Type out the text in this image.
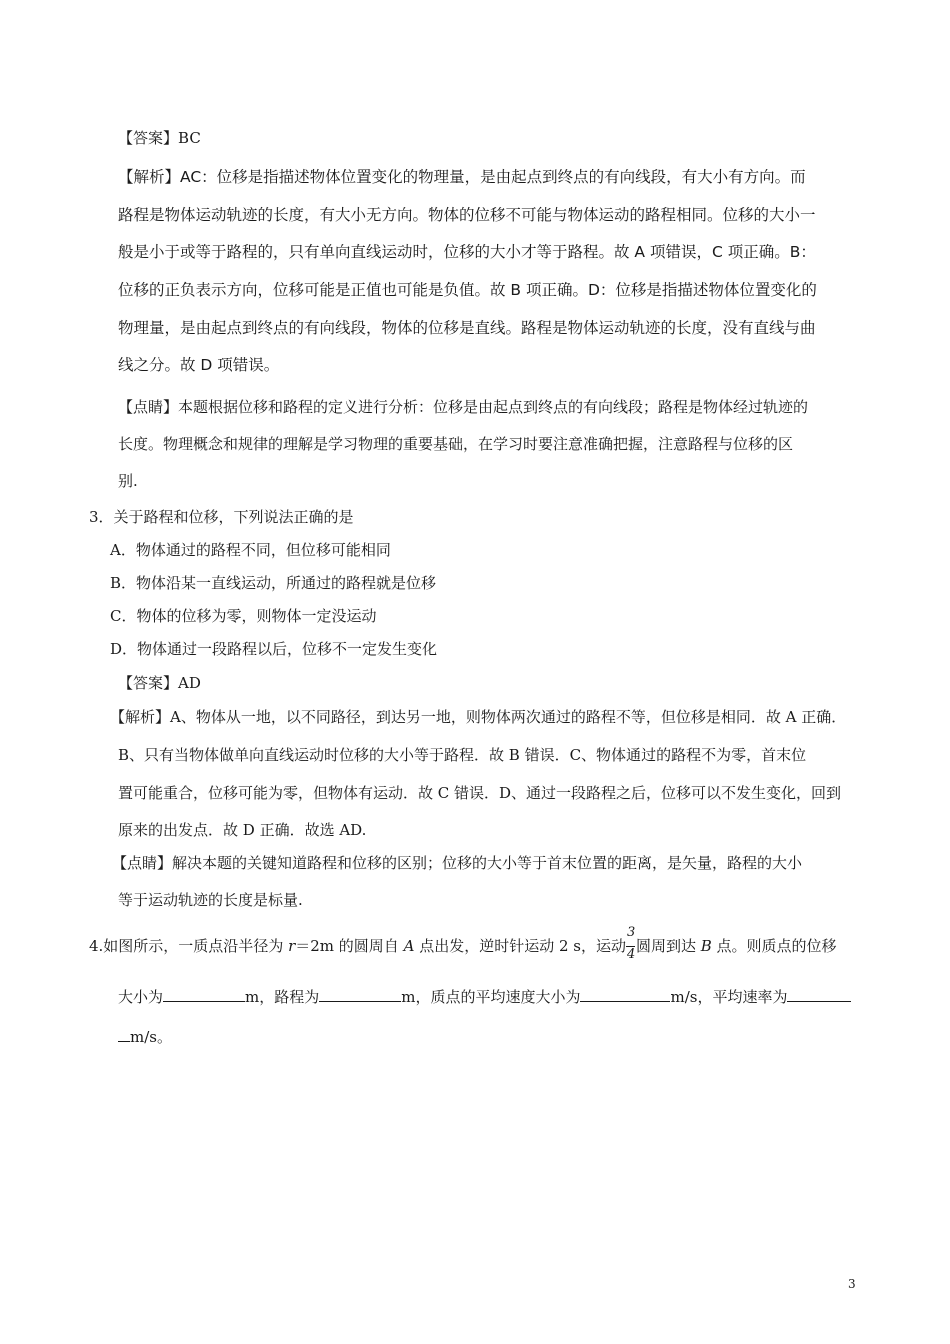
【答案】BC
【解析】AC：位移是指描述物体位置变化的物理量，是由起点到终点的有向线段，有大小有方向。而
路程是物体运动轨迹的长度，有大小无方向。物体的位移不可能与物体运动的路程相同。位移的大小一
般是小于或等于路程的，只有单向直线运动时，位移的大小才等于路程。故 A 项错误，C 项正确。B：
位移的正负表示方向，位移可能是正值也可能是负值。故 B 项正确。D：位移是指描述物体位置变化的
物理量，是由起点到终点的有向线段，物体的位移是直线。路程是物体运动轨迹的长度，没有直线与曲
线之分。故 D 项错误。
【点睛】本题根据位移和路程的定义进行分析：位移是由起点到终点的有向线段；路程是物体经过轨迹的
长度。物理概念和规律的理解是学习物理的重要基础，在学习时要注意准确把握，注意路程与位移的区
别.
3．关于路程和位移，下列说法正确的是
A．物体通过的路程不同，但位移可能相同
B．物体沿某一直线运动，所通过的路程就是位移
C．物体的位移为零，则物体一定没运动
D．物体通过一段路程以后，位移不一定发生变化
【答案】AD
【解析】A、物体从一地，以不同路径，到达另一地，则物体两次通过的路程不等，但位移是相同．故 A 正确．
B、只有当物体做单向直线运动时位移的大小等于路程．故 B 错误．C、物体通过的路程不为零，首末位
置可能重合，位移可能为零，但物体有运动．故 C 错误．D、通过一段路程之后，位移可以不发生变化，回到
原来的出发点．故 D 正确．故选 AD.
【点睛】解决本题的关键知道路程和位移的区别；位移的大小等于首末位置的距离，是矢量，路程的大小
等于运动轨迹的长度是标量.
4.如图所示，一质点沿半径为 r＝2m 的圆周自 A 点出发，逆时针运动 2 s，运动 $\frac{3}{4}$ 圆周到达 B 点。则质点的位移
大小为	m，路程为	m，质点的平均速度大小为	m/s，平均速率为
m/s。
3
